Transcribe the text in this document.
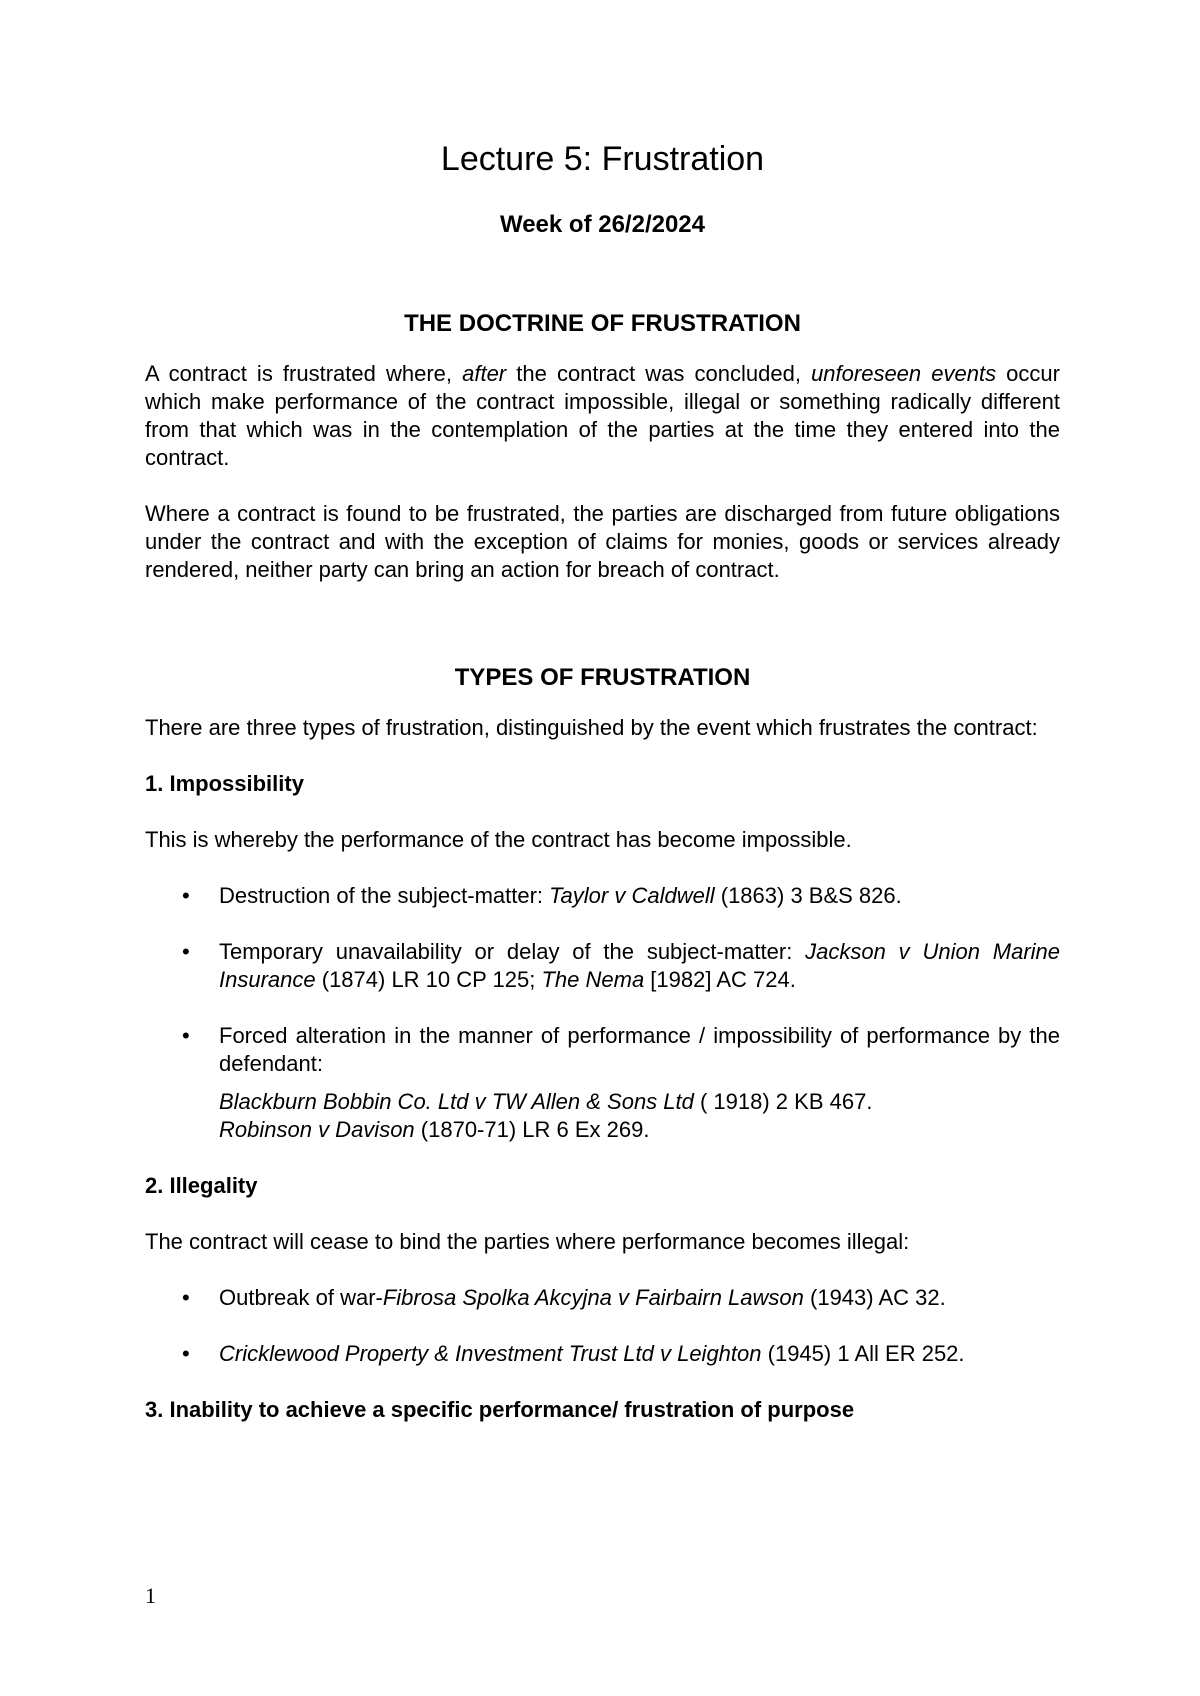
Lecture 5: Frustration
Week of 26/2/2024
THE DOCTRINE OF FRUSTRATION

A contract is frustrated where, after the contract was concluded, unforeseen events occur which make performance of the contract impossible, illegal or something radically different from that which was in the contemplation of the parties at the time they entered into the contract.

Where a contract is found to be frustrated, the parties are discharged from future obligations under the contract and with the exception of claims for monies, goods or services already rendered, neither party can bring an action for breach of contract.

TYPES OF FRUSTRATION

There are three types of frustration, distinguished by the event which frustrates the contract:

1. Impossibility

This is whereby the performance of the contract has become impossible.

• Destruction of the subject-matter: Taylor v Caldwell (1863) 3 B&S 826.
• Temporary unavailability or delay of the subject-matter: Jackson v Union Marine Insurance (1874) LR 10 CP 125; The Nema [1982] AC 724.
• Forced alteration in the manner of performance / impossibility of performance by the defendant:
Blackburn Bobbin Co. Ltd v TW Allen & Sons Ltd ( 1918) 2 KB 467.
Robinson v Davison (1870-71) LR 6 Ex 269.
2. Illegality

The contract will cease to bind the parties where performance becomes illegal:

• Outbreak of war-Fibrosa Spolka Akcyjna v Fairbairn Lawson (1943) AC 32.
• Cricklewood Property & Investment Trust Ltd v Leighton (1945) 1 All ER 252.
3. Inability to achieve a specific performance/ frustration of purpose
1
